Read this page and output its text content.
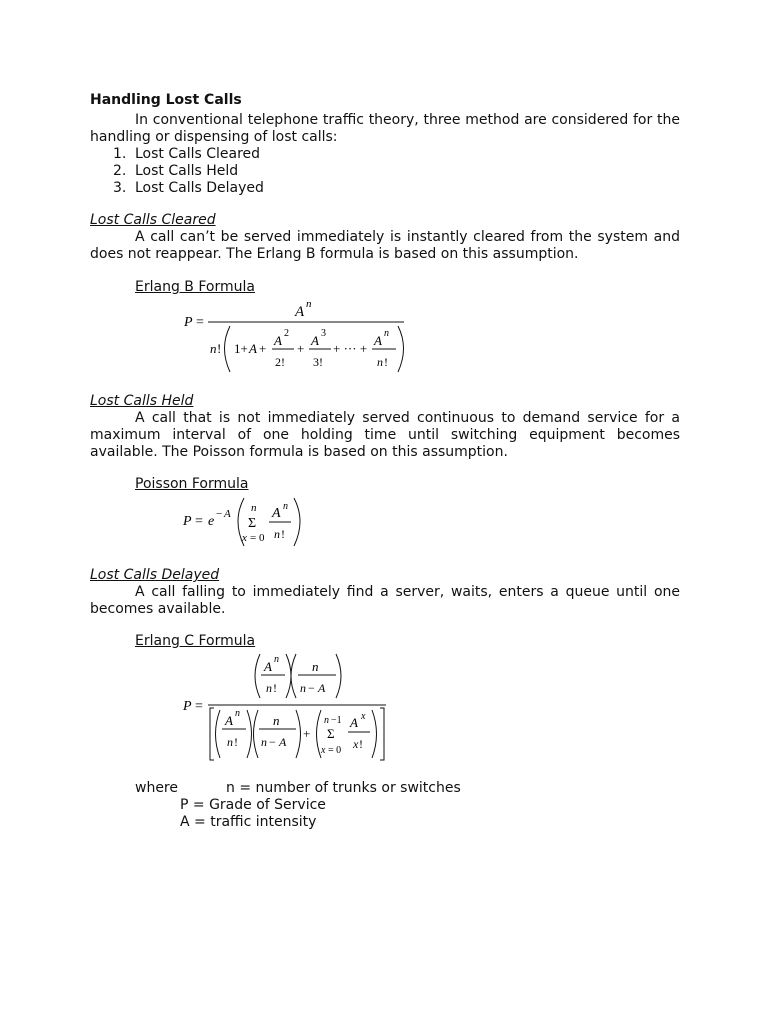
Handling Lost Calls

In conventional telephone traffic theory, three method are considered for the handling or dispensing of lost calls:

1. Lost Calls Cleared
2. Lost Calls Held
3. Lost Calls Delayed
Lost Calls Cleared

A call can’t be served immediately is instantly cleared from the system and does not reappear. The Erlang B formula is based on this assumption.

Erlang B Formula
P =
A n
n ! 1+ A +
A 2
2!
+
A 3
3!
+ ··· +
A n
n !
Lost Calls Held

A call that is not immediately served continuous to demand service for a maximum interval of one holding time until switching equipment becomes available. The Poisson formula is based on this assumption.

Poisson Formula
P = e − A n
Σ
x = 0
A n
n !
Lost Calls Delayed

A call falling to immediately find a server, waits, enters a queue until one becomes available.

Erlang C Formula
P =
A n
n !
n
n − A
A n
n !
n
n − A
+
n −1
Σ
x = 0
A x
x !
where	n = number of trunks or switches
P = Grade of Service
A = traffic intensity
